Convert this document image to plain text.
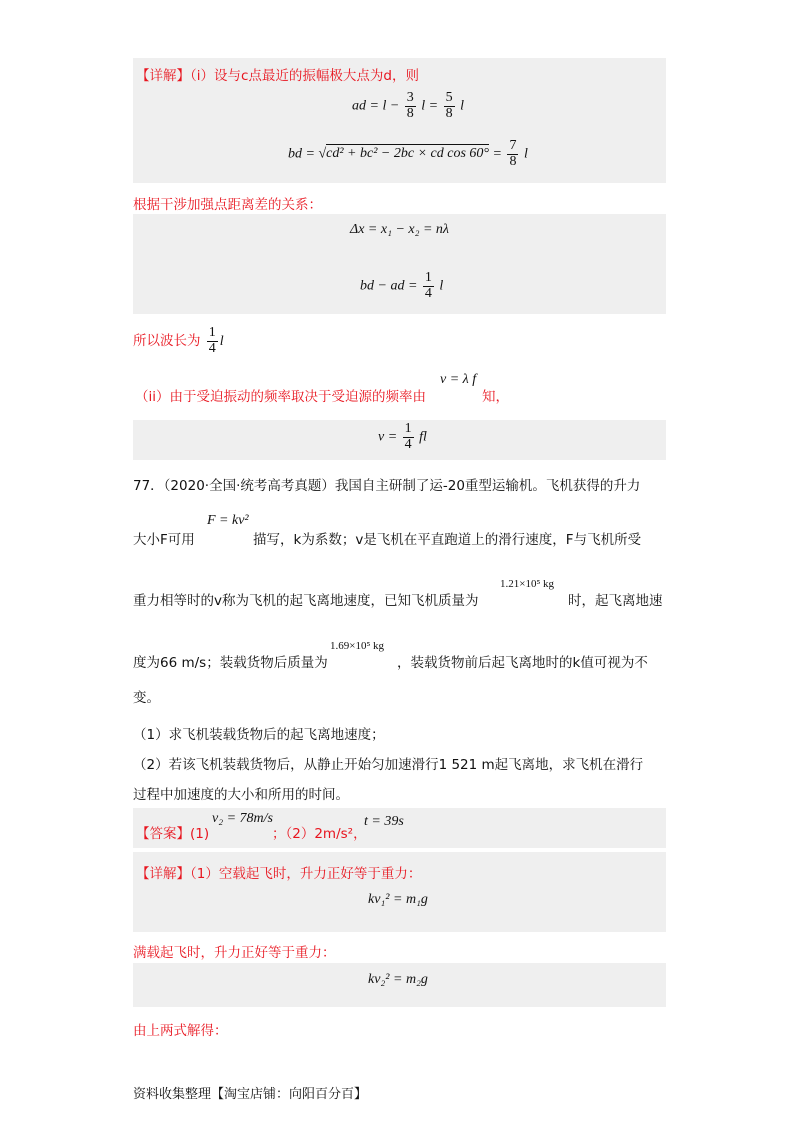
【详解】（i）设与c点最近的振幅极大点为d，则
ad = $l - \frac{3}{8}$ $l = \frac{5}{8}$ l
bd = √cd² + bc² − 2bc × cd $\cos 60^\circ = \frac{7}{8}$ l
根据干涉加强点距离差的关系：
Δx = x₁ − x₂ = nλ
bd − ad = $\frac{1}{4}$ l
所以波长为 $\frac{1}{4}$ l
（ii）由于受迫振动的频率取决于受迫源的频率由
v = λ f
知，
$v = \frac{1}{4}$ fl
77．（2020·全国·统考高考真题）我国自主研制了运-20重型运输机。飞机获得的升力
大小F可用
F = kv²
描写，k为系数；v是飞机在平直跑道上的滑行速度，F与飞机所受
重力相等时的v称为飞机的起飞离地速度，已知飞机质量为
1.21×10⁵ kg
时，起飞离地速
度为66 m/s；装载货物后质量为
1.69×10⁵ kg
，装载货物前后起飞离地时的k值可视为不
变。
（1）求飞机装载货物后的起飞离地速度；
（2）若该飞机装载货物后，从静止开始匀加速滑行1 521 m起飞离地，求飞机在滑行
过程中加速度的大小和所用的时间。
【答案】(1)
v₂ = 78m/s
；（2）2m/s²，
t = 39s
【详解】（1）空载起飞时，升力正好等于重力：
kv₁² = m₁g
满载起飞时，升力正好等于重力：
kv₂² = m₂g
由上两式解得：
资料收集整理【淘宝店铺：向阳百分百】
